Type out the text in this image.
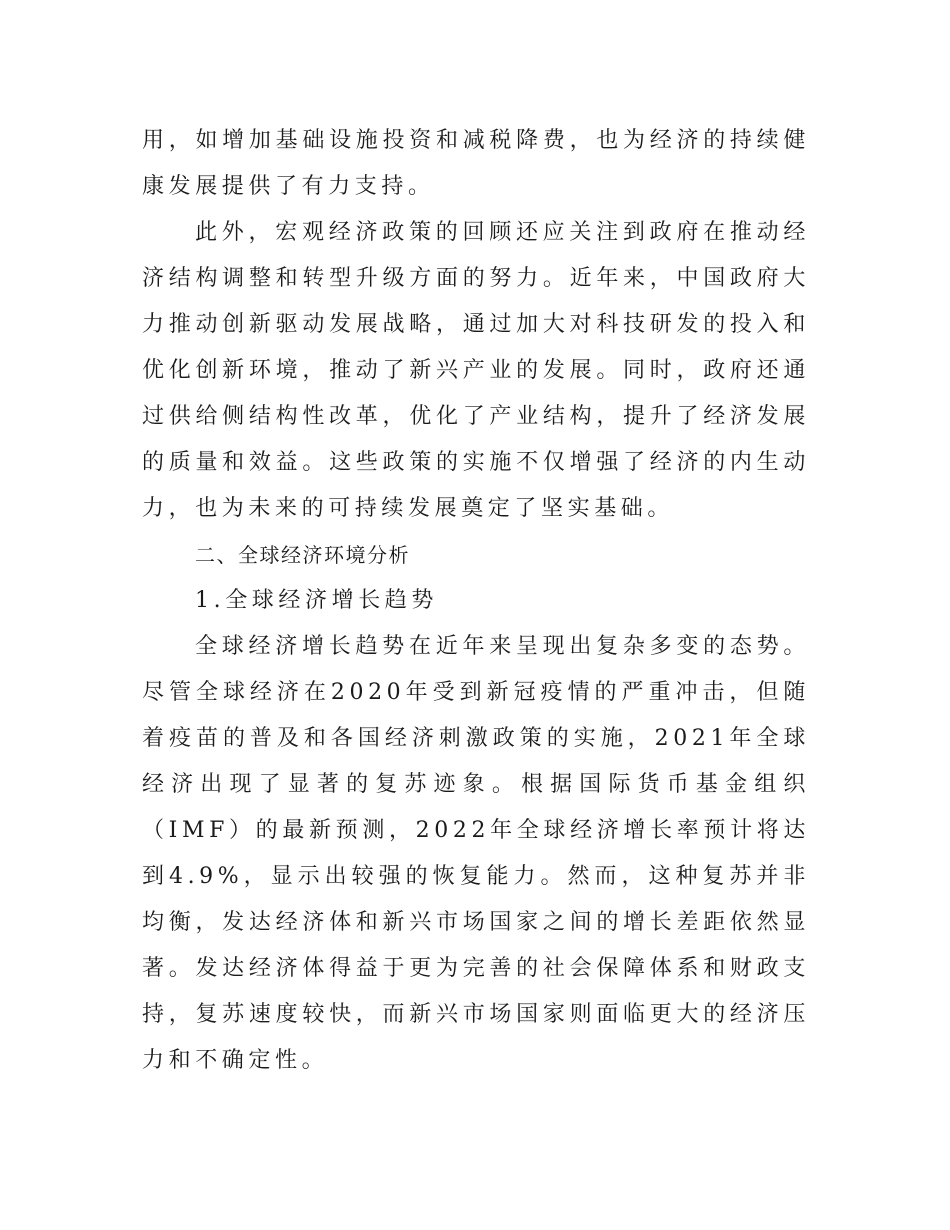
用，如增加基础设施投资和减税降费，也为经济的持续健康发展提供了有力支持。

此外，宏观经济政策的回顾还应关注到政府在推动经济结构调整和转型升级方面的努力。近年来，中国政府大力推动创新驱动发展战略，通过加大对科技研发的投入和优化创新环境，推动了新兴产业的发展。同时，政府还通过供给侧结构性改革，优化了产业结构，提升了经济发展的质量和效益。这些政策的实施不仅增强了经济的内生动力，也为未来的可持续发展奠定了坚实基础。

二、全球经济环境分析

1.全球经济增长趋势

全球经济增长趋势在近年来呈现出复杂多变的态势。尽管全球经济在2020年受到新冠疫情的严重冲击，但随着疫苗的普及和各国经济刺激政策的实施，2021年全球经济出现了显著的复苏迹象。根据国际货币基金组织（IMF）的最新预测，2022年全球经济增长率预计将达到4.9%，显示出较强的恢复能力。然而，这种复苏并非均衡，发达经济体和新兴市场国家之间的增长差距依然显著。发达经济体得益于更为完善的社会保障体系和财政支持，复苏速度较快，而新兴市场国家则面临更大的经济压力和不确定性。
